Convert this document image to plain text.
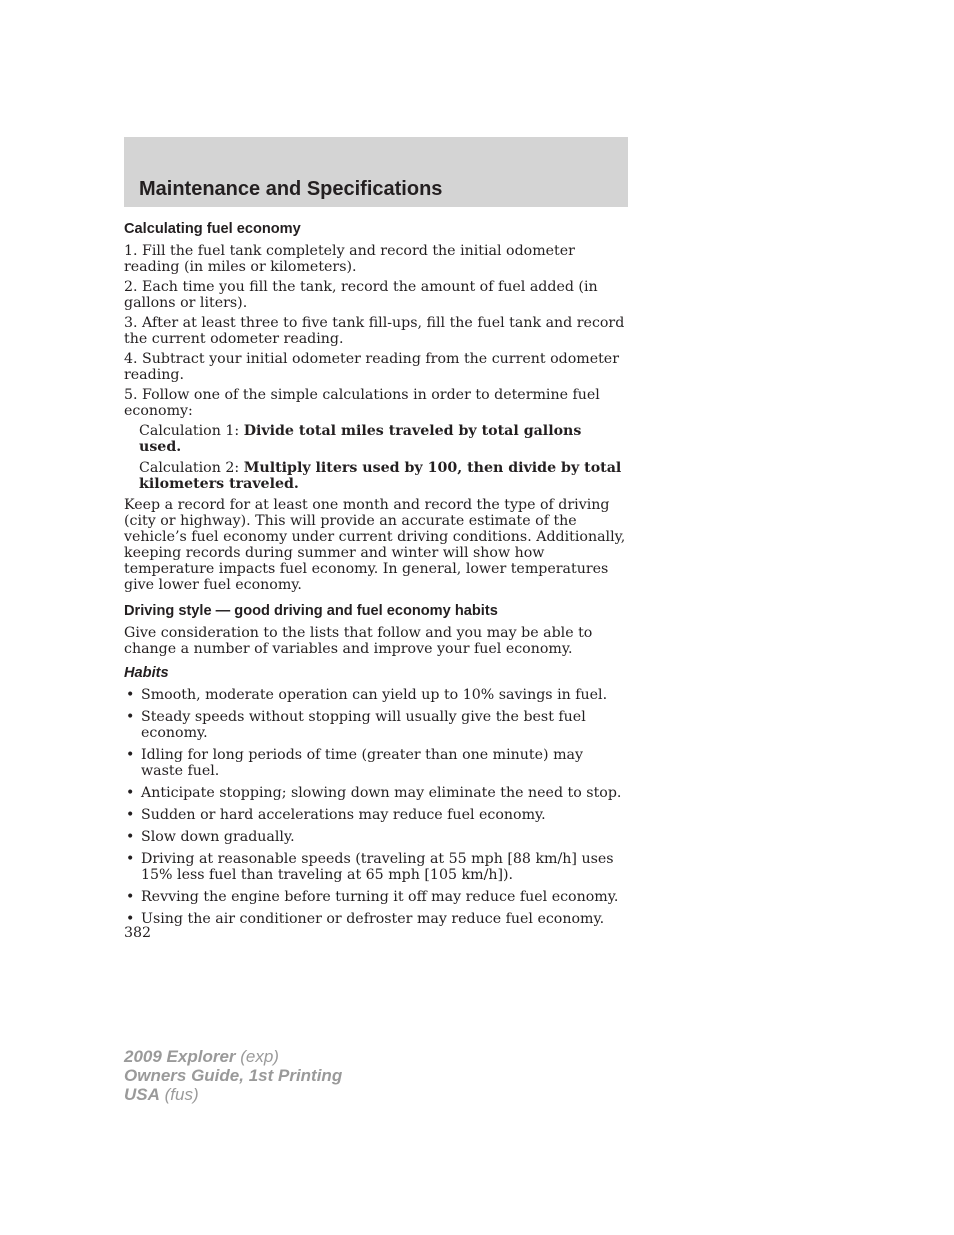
Maintenance and Specifications
Calculating fuel economy

1. Fill the fuel tank completely and record the initial odometer reading (in miles or kilometers).

2. Each time you fill the tank, record the amount of fuel added (in gallons or liters).

3. After at least three to five tank fill-ups, fill the fuel tank and record the current odometer reading.

4. Subtract your initial odometer reading from the current odometer reading.

5. Follow one of the simple calculations in order to determine fuel economy:

Calculation 1: Divide total miles traveled by total gallons used.

Calculation 2: Multiply liters used by 100, then divide by total kilometers traveled.

Keep a record for at least one month and record the type of driving (city or highway). This will provide an accurate estimate of the vehicle’s fuel economy under current driving conditions. Additionally, keeping records during summer and winter will show how temperature impacts fuel economy. In general, lower temperatures give lower fuel economy.

Driving style — good driving and fuel economy habits

Give consideration to the lists that follow and you may be able to change a number of variables and improve your fuel economy.

Habits
• Smooth, moderate operation can yield up to 10% savings in fuel.
• Steady speeds without stopping will usually give the best fuel economy.
• Idling for long periods of time (greater than one minute) may waste fuel.
• Anticipate stopping; slowing down may eliminate the need to stop.
• Sudden or hard accelerations may reduce fuel economy.
• Slow down gradually.
• Driving at reasonable speeds (traveling at 55 mph [88 km/h] uses 15% less fuel than traveling at 65 mph [105 km/h]).
• Revving the engine before turning it off may reduce fuel economy.
• Using the air conditioner or defroster may reduce fuel economy.
382
2009 Explorer (exp)
Owners Guide, 1st Printing
USA (fus)
